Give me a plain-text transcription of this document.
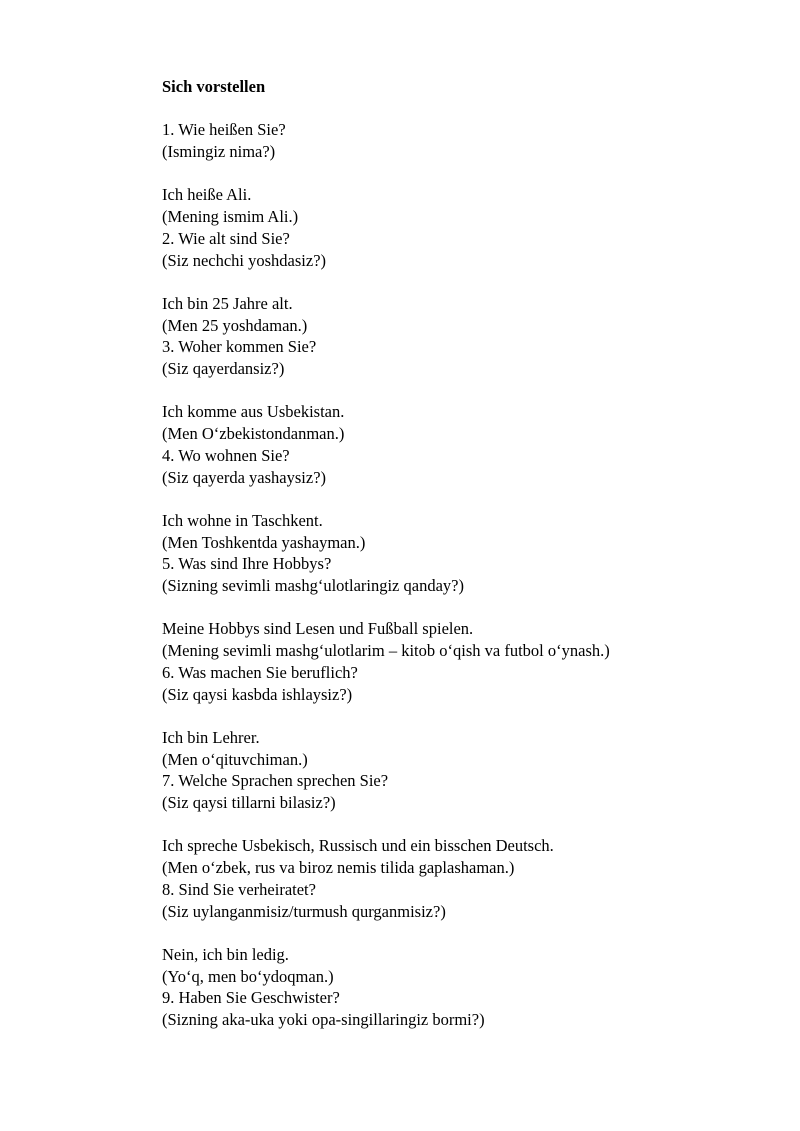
Sich vorstellen
1. Wie heißen Sie?
(Ismingiz nima?)
Ich heiße Ali.
(Mening ismim Ali.)
2. Wie alt sind Sie?
(Siz nechchi yoshdasiz?)
Ich bin 25 Jahre alt.
(Men 25 yoshdaman.)
3. Woher kommen Sie?
(Siz qayerdansiz?)
Ich komme aus Usbekistan.
(Men O‘zbekistondanman.)
4. Wo wohnen Sie?
(Siz qayerda yashaysiz?)
Ich wohne in Taschkent.
(Men Toshkentda yashayman.)
5. Was sind Ihre Hobbys?
(Sizning sevimli mashg‘ulotlaringiz qanday?)
Meine Hobbys sind Lesen und Fußball spielen.
(Mening sevimli mashg‘ulotlarim – kitob o‘qish va futbol o‘ynash.)
6. Was machen Sie beruflich?
(Siz qaysi kasbda ishlaysiz?)
Ich bin Lehrer.
(Men o‘qituvchiman.)
7. Welche Sprachen sprechen Sie?
(Siz qaysi tillarni bilasiz?)
Ich spreche Usbekisch, Russisch und ein bisschen Deutsch.
(Men o‘zbek, rus va biroz nemis tilida gaplashaman.)
8. Sind Sie verheiratet?
(Siz uylanganmisiz/turmush qurganmisiz?)
Nein, ich bin ledig.
(Yo‘q, men bo‘ydoqman.)
9. Haben Sie Geschwister?
(Sizning aka-uka yoki opa-singillaringiz bormi?)
